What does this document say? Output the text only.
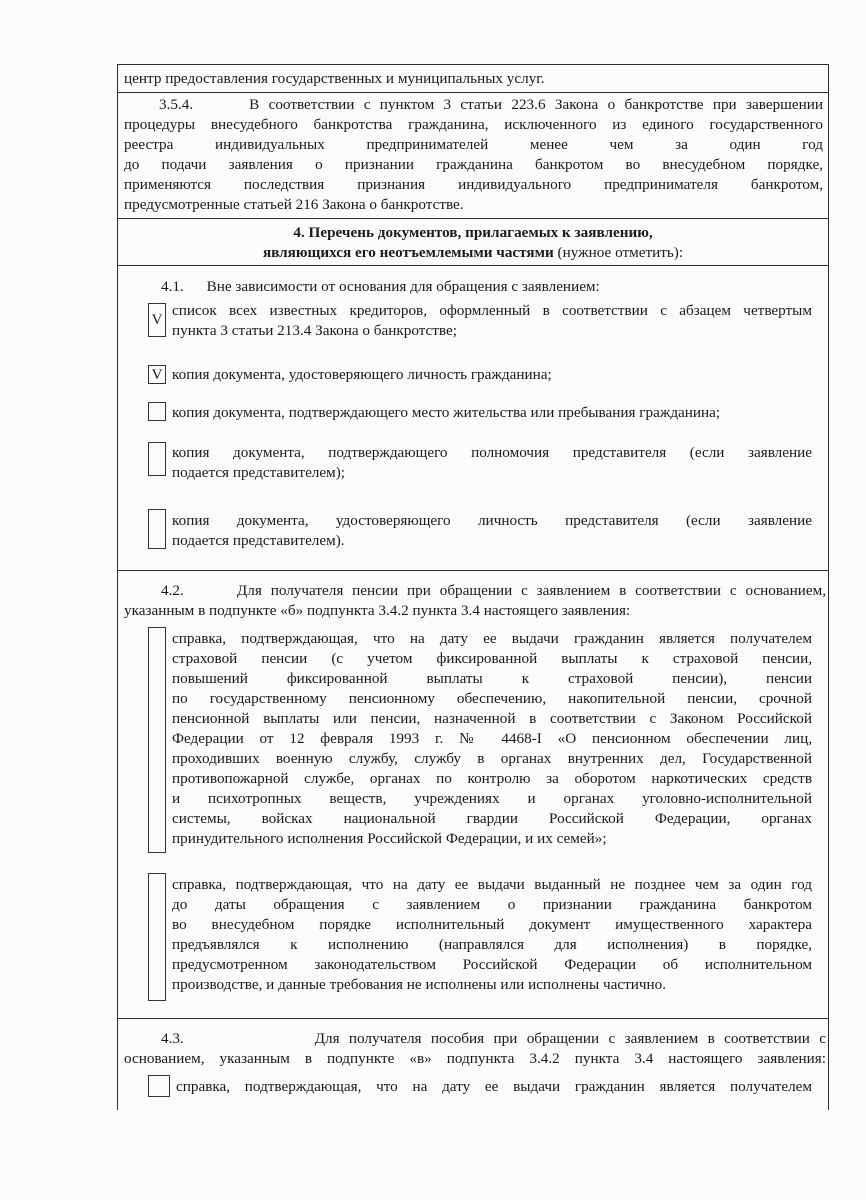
центр предоставления государственных и муниципальных услуг.
3.5.4.      В соответствии с пунктом 3 статьи 223.6 Закона о банкротстве при завершении
процедуры внесудебного банкротства гражданина, исключенного из единого государственного
реестра индивидуальных предпринимателей менее чем за один год
до подачи заявления о признании гражданина банкротом во внесудебном порядке,
применяются последствия признания индивидуального предпринимателя банкротом,
предусмотренные статьей 216 Закона о банкротстве.
4. Перечень документов, прилагаемых к заявлению,
являющихся его неотъемлемыми частями (нужное отметить):
4.1.      Вне зависимости от основания для обращения с заявлением:
V
список всех известных кредиторов, оформленный в соответствии с абзацем четвертым
пункта 3 статьи 213.4 Закона о банкротстве;
V копия документа, удостоверяющего личность гражданина;
копия документа, подтверждающего место жительства или пребывания гражданина;
копия документа, подтверждающего полномочия представителя (если заявление
подается представителем);
копия документа, удостоверяющего личность представителя (если заявление
подается представителем).
4.2.      Для получателя пенсии при обращении с заявлением в соответствии с основанием,
указанным в подпункте «б» подпункта 3.4.2 пункта 3.4 настоящего заявления:
справка, подтверждающая, что на дату ее выдачи гражданин является получателем
страховой пенсии (с учетом фиксированной выплаты к страховой пенсии,
повышений фиксированной выплаты к страховой пенсии), пенсии
по государственному пенсионному обеспечению, накопительной пенсии, срочной
пенсионной выплаты или пенсии, назначенной в соответствии с Законом Российской
Федерации от 12 февраля 1993 г. № 4468-I «О пенсионном обеспечении лиц,
проходивших военную службу, службу в органах внутренних дел, Государственной
противопожарной службе, органах по контролю за оборотом наркотических средств
и психотропных веществ, учреждениях и органах уголовно-исполнительной
системы, войсках национальной гвардии Российской Федерации, органах
принудительного исполнения Российской Федерации, и их семей»;
справка, подтверждающая, что на дату ее выдачи выданный не позднее чем за один год
до даты обращения с заявлением о признании гражданина банкротом
во внесудебном порядке исполнительный документ имущественного характера
предъявлялся к исполнению (направлялся для исполнения) в порядке,
предусмотренном законодательством Российской Федерации об исполнительном
производстве, и данные требования не исполнены или исполнены частично.
4.3.              Для получателя пособия при обращении с заявлением в соответствии с
основанием, указанным в подпункте «в» подпункта 3.4.2 пункта 3.4 настоящего заявления:
справка, подтверждающая, что на дату ее выдачи гражданин является получателем
